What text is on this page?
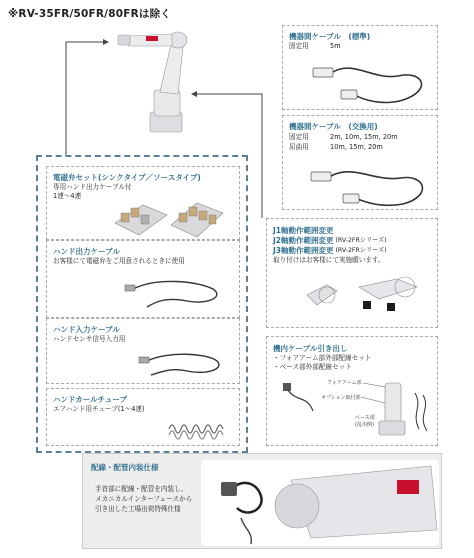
※RV-35FR/50FR/80FRは除く
機器間ケーブル　(標準)
固定用	5m
機器間ケーブル　(交換用)
固定用	2m, 10m, 15m, 20m
屈曲用	10m, 15m, 20m
電磁弁セット(シンクタイプ／ソースタイプ)
専用ハンド出力ケーブル付
1連～4連
ハンド出力ケーブル
お客様にて電磁弁をご用意されるときに使用
ハンド入力ケーブル
ハンドセンサ信号入力用
ハンドカールチューブ
エアハンド用チューブ(1～4連)
J1軸動作範囲変更
J2軸動作範囲変更 (RV-2FRシリーズ)
J3軸動作範囲変更 (RV-2FRシリーズ)
取り付けはお客様にて実施願います。
機内ケーブル引き出し
・フォアアーム部外部配線セット
・ベース部外部配線セット
フォアアーム部
オプション取付部
ベース部
(乱用例)
配線・配管内装仕様
手首部に配線・配管を内装し、
メカニカルインターフェースから
引き出した工場出荷特殊仕様
